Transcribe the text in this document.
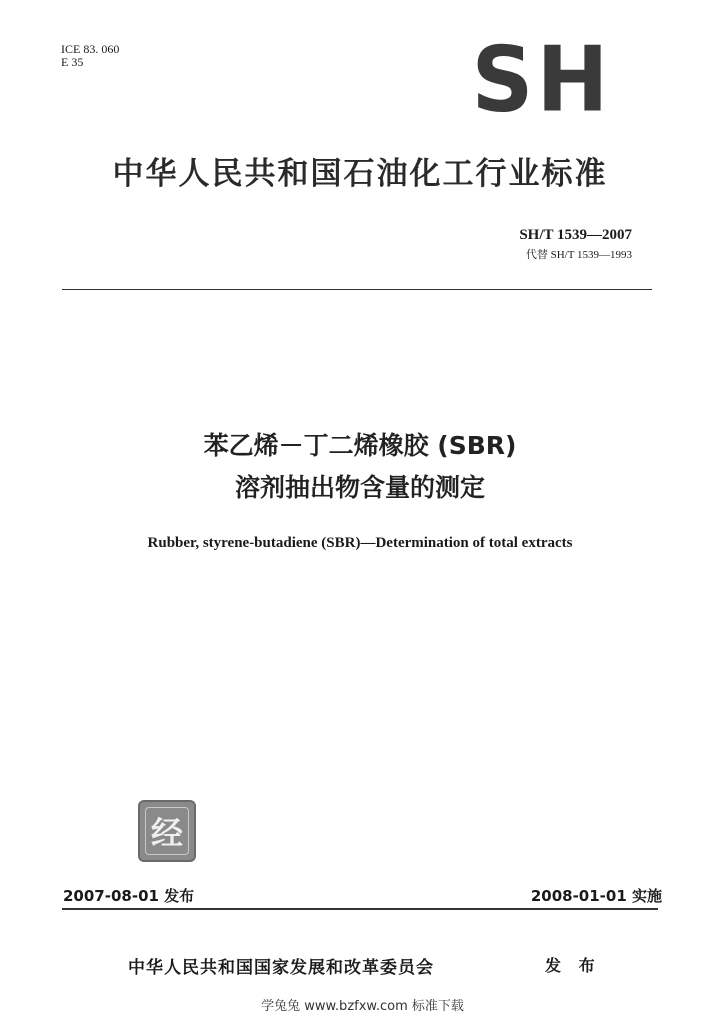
ICE 83. 060
E 35	SH
中华人民共和国石油化工行业标准
SH/T 1539—2007
代替 SH/T 1539—1993
苯乙烯－丁二烯橡胶 (SBR)
溶剂抽出物含量的测定
Rubber, styrene-butadiene (SBR)—Determination of total extracts
经
2007-08-01 发布	2008-01-01 实施
中华人民共和国国家发展和改革委员会	发 布
学兔兔 www.bzfxw.com 标准下载
